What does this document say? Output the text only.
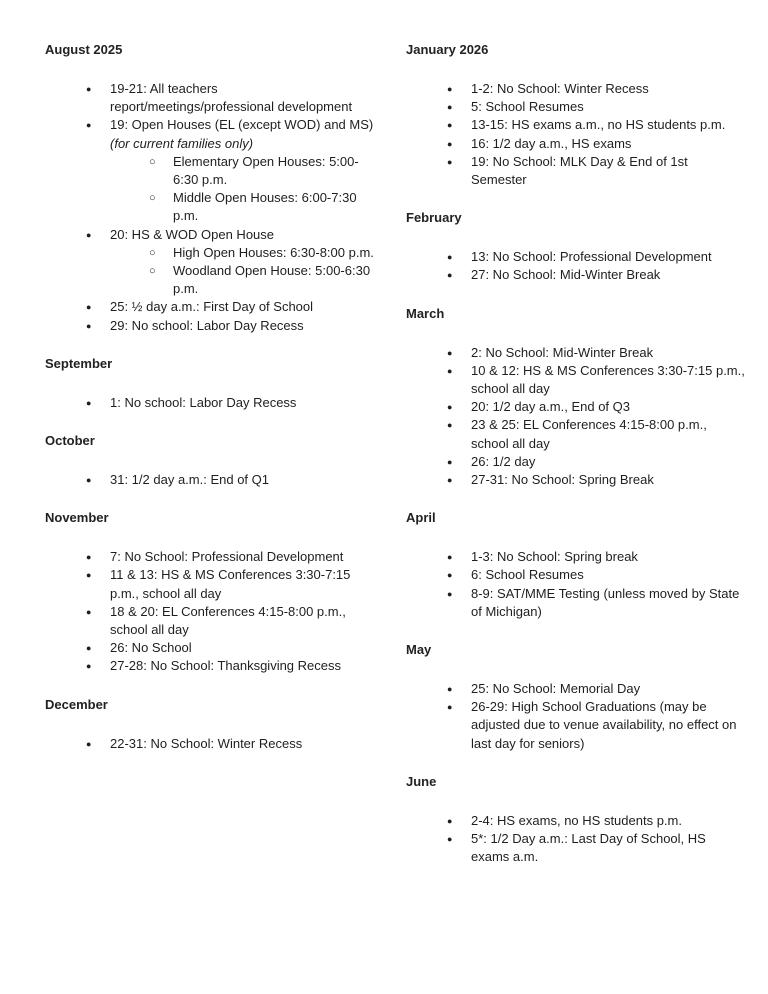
August 2025
● 19-21: All teachers report/meetings/professional development
● 19: Open Houses (EL (except WOD) and MS) (for current families only)
○ Elementary Open Houses: 5:00-6:30 p.m.
○ Middle Open Houses: 6:00-7:30 p.m.
● 20: HS & WOD Open House
○ High Open Houses: 6:30-8:00 p.m.
○ Woodland Open House: 5:00-6:30 p.m.
● 25: ½ day a.m.: First Day of School
● 29: No school: Labor Day Recess
September
● 1: No school: Labor Day Recess
October
● 31: 1/2 day a.m.: End of Q1
November
● 7: No School: Professional Development
● 11 & 13: HS & MS Conferences 3:30-7:15 p.m., school all day
● 18 & 20: EL Conferences 4:15-8:00 p.m., school all day
● 26: No School
● 27-28: No School: Thanksgiving Recess
December
● 22-31: No School: Winter Recess
January 2026
● 1-2: No School: Winter Recess
● 5: School Resumes
● 13-15: HS exams a.m., no HS students p.m.
● 16: 1/2 day a.m., HS exams
● 19: No School: MLK Day & End of 1st Semester
February
● 13: No School: Professional Development
● 27: No School: Mid-Winter Break
March
● 2: No School: Mid-Winter Break
● 10 & 12: HS & MS Conferences 3:30-7:15 p.m., school all day
● 20: 1/2 day a.m., End of Q3
● 23 & 25: EL Conferences 4:15-8:00 p.m., school all day
● 26: 1/2 day
● 27-31: No School: Spring Break
April
● 1-3: No School: Spring break
● 6: School Resumes
● 8-9: SAT/MME Testing (unless moved by State of Michigan)
May
● 25: No School: Memorial Day
● 26-29: High School Graduations (may be adjusted due to venue availability, no effect on last day for seniors)
June
● 2-4: HS exams, no HS students p.m.
● 5*: 1/2 Day a.m.: Last Day of School, HS exams a.m.
